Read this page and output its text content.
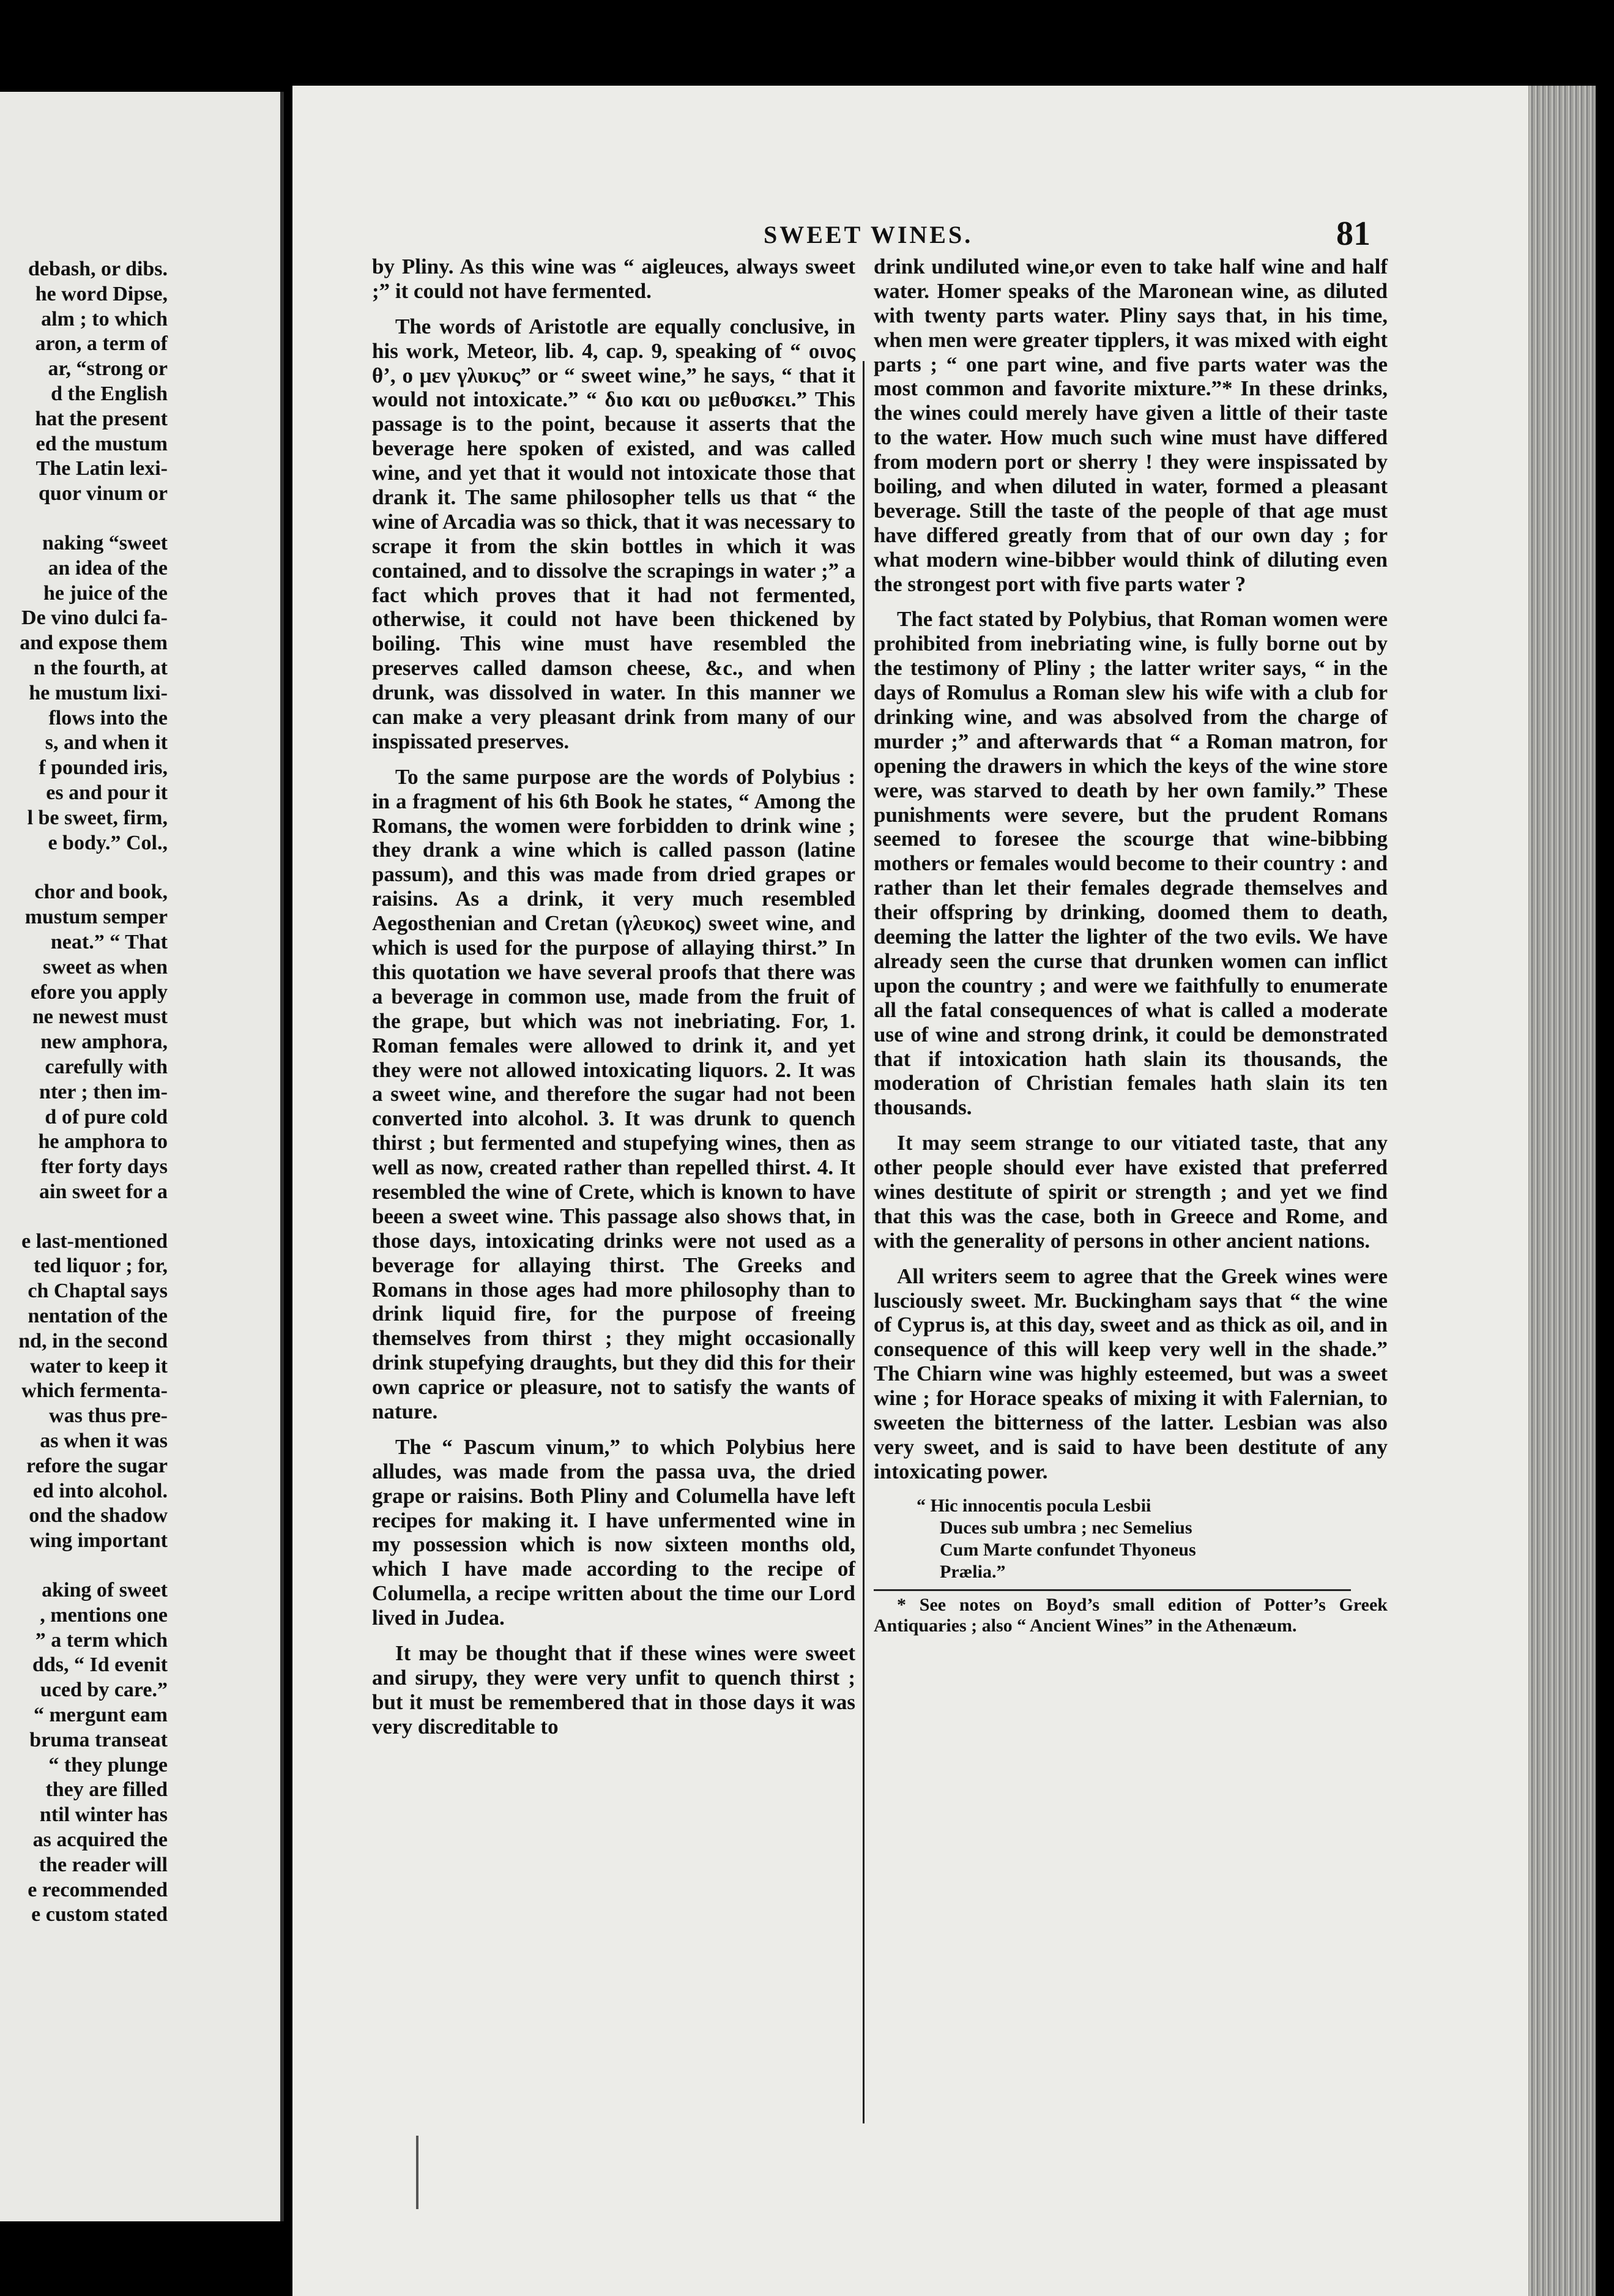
debash, or dibs.

he word Dipse,

alm ; to which

aron, a term of

ar, “strong or

d the English

hat the present

ed the mustum

The Latin lexi-

quor vinum or

naking “sweet

an idea of the

he juice of the

De vino dulci fa-

and expose them

n the fourth, at

he mustum lixi-

flows into the

s, and when it

f pounded iris,

es and pour it

l be sweet, firm,

e body.” Col.,

chor and book,

mustum semper

neat.” “ That

sweet as when

efore you apply

ne newest must

new amphora,

carefully with

nter ; then im-

d of pure cold

he amphora to

fter forty days

ain sweet for a

e last-mentioned

ted liquor ; for,

ch Chaptal says

nentation of the

nd, in the second

water to keep it

which fermenta-

was thus pre-

as when it was

refore the sugar

ed into alcohol.

ond the shadow

wing important

aking of sweet

, mentions one

” a term which

dds, “ Id evenit

uced by care.”

“ mergunt eam

bruma transeat

“ they plunge

they are filled

ntil winter has

as acquired the

the reader will

e recommended

e custom stated

SWEET WINES.	81

by Pliny. As this wine was “ aigleuces, always sweet ;” it could not have fermented.

The words of Aristotle are equally conclusive, in his work, Meteor, lib. 4, cap. 9, speaking of “ οινος θ’, ο μεν γλυκυς” or “ sweet wine,” he says, “ that it would not intoxicate.” “ διο και ου μεθυσκει.” This passage is to the point, because it asserts that the beverage here spoken of existed, and was called wine, and yet that it would not intoxicate those that drank it. The same philosopher tells us that “ the wine of Arcadia was so thick, that it was necessary to scrape it from the skin bottles in which it was contained, and to dissolve the scrapings in water ;” a fact which proves that it had not fermented, otherwise, it could not have been thickened by boiling. This wine must have resembled the preserves called damson cheese, &c., and when drunk, was dissolved in water. In this manner we can make a very pleasant drink from many of our inspissated preserves.

To the same purpose are the words of Polybius : in a fragment of his 6th Book he states, “ Among the Romans, the women were forbidden to drink wine ; they drank a wine which is called passon (latine passum), and this was made from dried grapes or raisins. As a drink, it very much resembled Aegosthenian and Cretan (γλευκος) sweet wine, and which is used for the purpose of allaying thirst.” In this quotation we have several proofs that there was a beverage in common use, made from the fruit of the grape, but which was not inebriating. For, 1. Roman females were allowed to drink it, and yet they were not allowed intoxicating liquors. 2. It was a sweet wine, and therefore the sugar had not been converted into alcohol. 3. It was drunk to quench thirst ; but fermented and stupefying wines, then as well as now, created rather than repelled thirst. 4. It resembled the wine of Crete, which is known to have beeen a sweet wine. This passage also shows that, in those days, intoxicating drinks were not used as a beverage for allaying thirst. The Greeks and Romans in those ages had more philosophy than to drink liquid fire, for the purpose of freeing themselves from thirst ; they might occasionally drink stupefying draughts, but they did this for their own caprice or pleasure, not to satisfy the wants of nature.

The “ Pascum vinum,” to which Polybius here alludes, was made from the passa uva, the dried grape or raisins. Both Pliny and Columella have left recipes for making it. I have unfermented wine in my possession which is now sixteen months old, which I have made according to the recipe of Columella, a recipe written about the time our Lord lived in Judea.

It may be thought that if these wines were sweet and sirupy, they were very unfit to quench thirst ; but it must be remembered that in those days it was very discreditable to

drink undiluted wine,or even to take half wine and half water. Homer speaks of the Maronean wine, as diluted with twenty parts water. Pliny says that, in his time, when men were greater tipplers, it was mixed with eight parts ; “ one part wine, and five parts water was the most common and favorite mixture.”* In these drinks, the wines could merely have given a little of their taste to the water. How much such wine must have differed from modern port or sherry ! they were inspissated by boiling, and when diluted in water, formed a pleasant beverage. Still the taste of the people of that age must have differed greatly from that of our own day ; for what modern wine-bibber would think of diluting even the strongest port with five parts water ?

The fact stated by Polybius, that Roman women were prohibited from inebriating wine, is fully borne out by the testimony of Pliny ; the latter writer says, “ in the days of Romulus a Roman slew his wife with a club for drinking wine, and was absolved from the charge of murder ;” and afterwards that “ a Roman matron, for opening the drawers in which the keys of the wine store were, was starved to death by her own family.” These punishments were severe, but the prudent Romans seemed to foresee the scourge that wine-bibbing mothers or females would become to their country : and rather than let their females degrade themselves and their offspring by drinking, doomed them to death, deeming the latter the lighter of the two evils. We have already seen the curse that drunken women can inflict upon the country ; and were we faithfully to enumerate all the fatal consequences of what is called a moderate use of wine and strong drink, it could be demonstrated that if intoxication hath slain its thousands, the moderation of Christian females hath slain its ten thousands.

It may seem strange to our vitiated taste, that any other people should ever have existed that preferred wines destitute of spirit or strength ; and yet we find that this was the case, both in Greece and Rome, and with the generality of persons in other ancient nations.

All writers seem to agree that the Greek wines were lusciously sweet. Mr. Buckingham says that “ the wine of Cyprus is, at this day, sweet and as thick as oil, and in consequence of this will keep very well in the shade.” The Chiarn wine was highly esteemed, but was a sweet wine ; for Horace speaks of mixing it with Falernian, to sweeten the bitterness of the latter. Lesbian was also very sweet, and is said to have been destitute of any intoxicating power.

“ Hic innocentis pocula Lesbii
Duces sub umbra ; nec Semelius
Cum Marte confundet Thyoneus
Prælia.”
* See notes on Boyd’s small edition of Potter’s Greek Antiquaries ; also “ Ancient Wines” in the Athenæum.
